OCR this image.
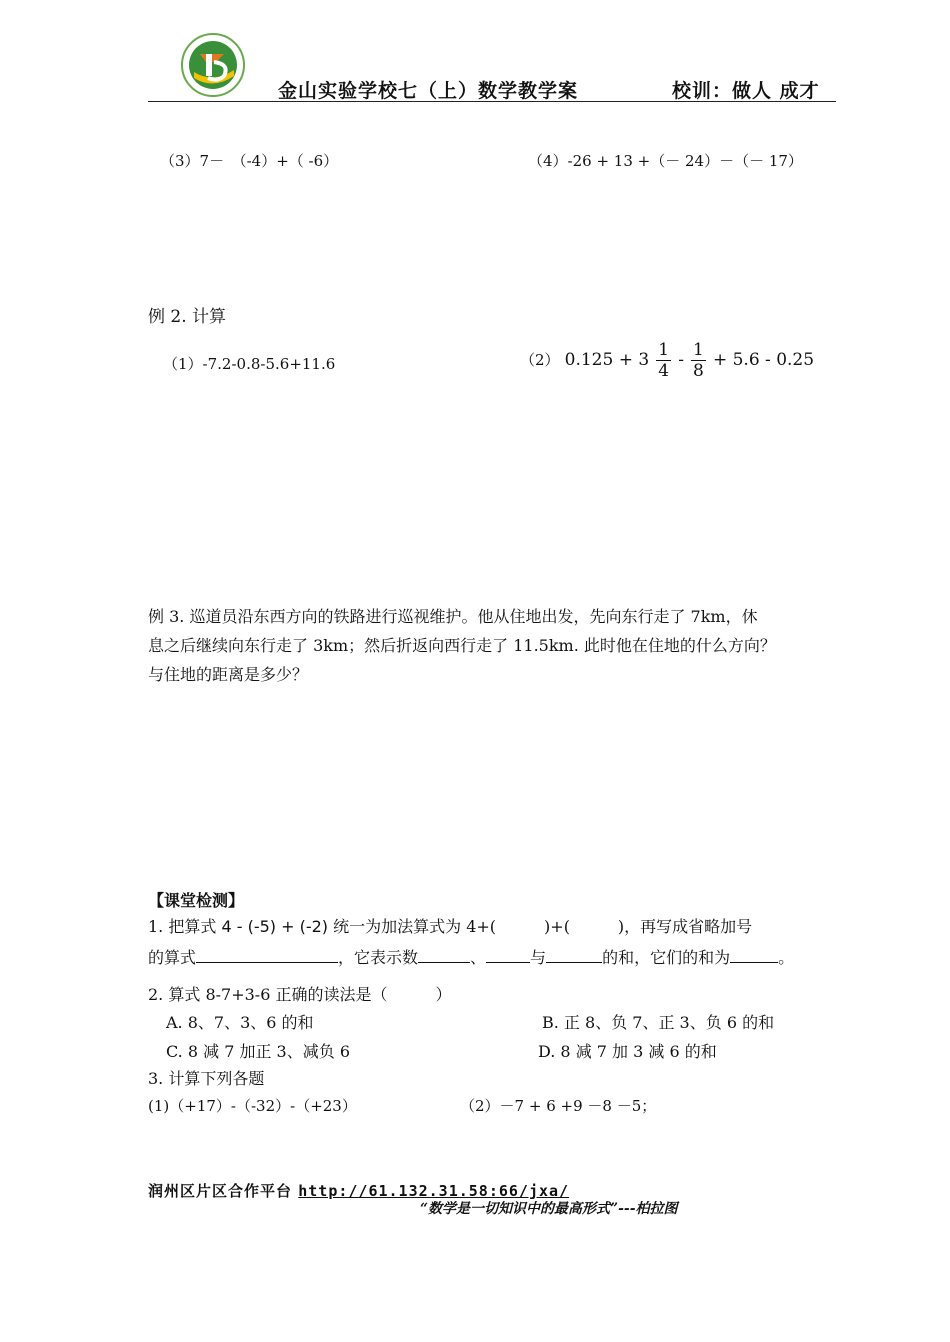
金山实验学校七（上）数学教学案	校训：做人 成才
（3）7－　（-4）+（ -6）	（4）-26 + 13 +（－ 24）－（－ 17）
例 2. 计算
（1）-7.2-0.8-5.6+11.6	（2） $0.125 + 3 \frac{1}{4} - \frac{1}{8} + 5.6 - 0.25$
例 3. 巡道员沿东西方向的铁路进行巡视维护。他从住地出发，先向东行走了 7km，休
息之后继续向东行走了 3km；然后折返向西行走了 11.5km. 此时他在住地的什么方向？
与住地的距离是多少？
【课堂检测】
1. 把算式 4 - (-5) + (-2) 统一为加法算式为 4+(　　　)+(　　　)，再写成省略加号
的算式	，它表示数	、	与	的和，它们的和为	。
2. 算式 8-7+3-6 正确的读法是（　　　）
A. 8、7、3、6 的和	B. 正 8、负 7、正 3、负 6 的和
C. 8 减 7 加正 3、减负 6	D. 8 减 7 加 3 减 6 的和
3. 计算下列各题
(1)（+17）-（-32）-（+23）	（2）－7 + 6 +9 －8 －5；
润州区片区合作平台 http://61.132.31.58:66/jxa/
“数学是一切知识中的最高形式”---柏拉图
